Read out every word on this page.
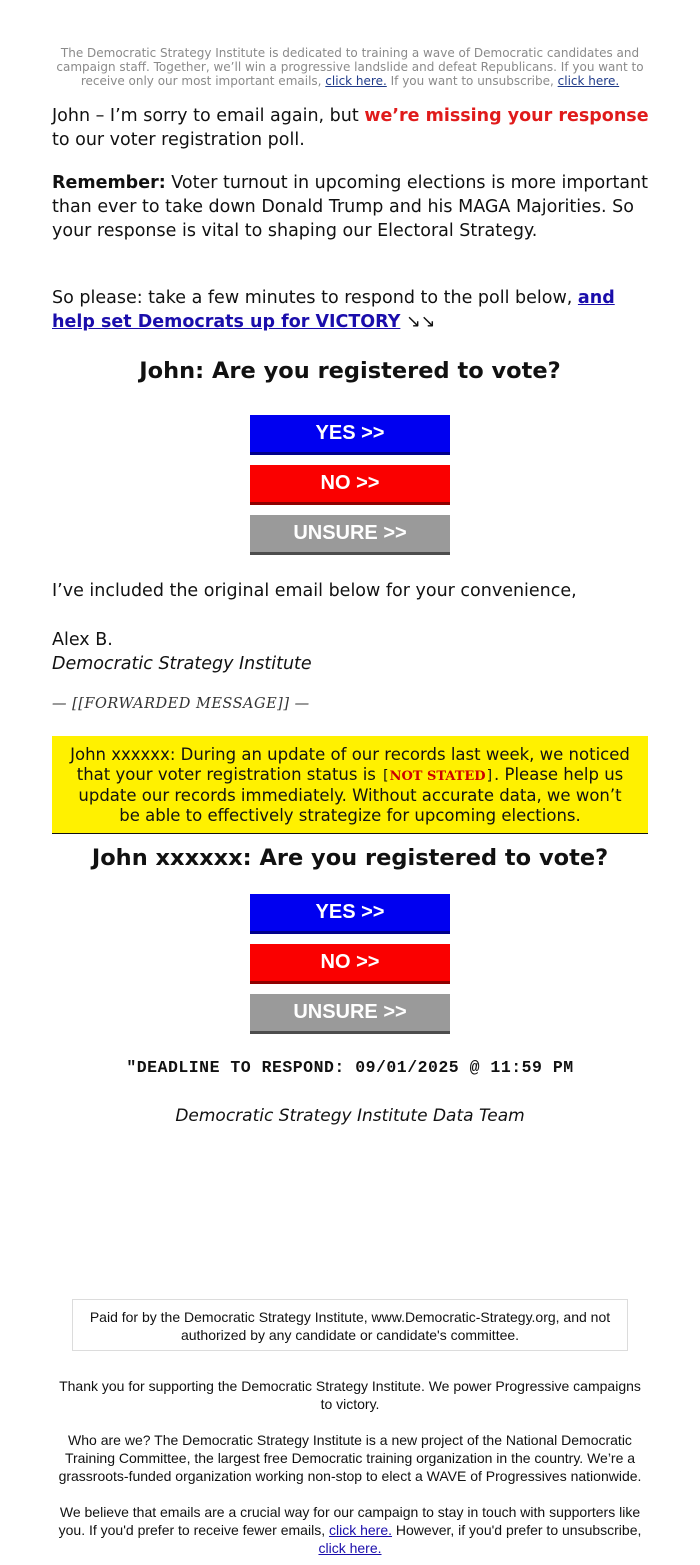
The Democratic Strategy Institute is dedicated to training a wave of Democratic candidates and campaign staff. Together, we’ll win a progressive landslide and defeat Republicans. If you want to receive only our most important emails, click here. If you want to unsubscribe, click here.
John – I’m sorry to email again, but we’re missing your response to our voter registration poll.
Remember: Voter turnout in upcoming elections is more important than ever to take down Donald Trump and his MAGA Majorities. So your response is vital to shaping our Electoral Strategy.
So please: take a few minutes to respond to the poll below, and help set Democrats up for VICTORY ↘↘
John: Are you registered to vote?
YES >>
NO >>
UNSURE >>
I’ve included the original email below for your convenience,
Alex B.
Democratic Strategy Institute
— [[FORWARDED MESSAGE]] —
John xxxxxx: During an update of our records last week, we noticed that your voter registration status is [NOT STATED]. Please help us update our records immediately. Without accurate data, we won’t be able to effectively strategize for upcoming elections.
John xxxxxx: Are you registered to vote?
YES >>
NO >>
UNSURE >>
"DEADLINE TO RESPOND: 09/01/2025 @ 11:59 PM
Democratic Strategy Institute Data Team
Paid for by the Democratic Strategy Institute, www.Democratic-Strategy.org, and not authorized by any candidate or candidate's committee.
Thank you for supporting the Democratic Strategy Institute. We power Progressive campaigns to victory.
Who are we? The Democratic Strategy Institute is a new project of the National Democratic Training Committee, the largest free Democratic training organization in the country. We’re a grassroots-funded organization working non-stop to elect a WAVE of Progressives nationwide.
We believe that emails are a crucial way for our campaign to stay in touch with supporters like you. If you'd prefer to receive fewer emails, click here. However, if you'd prefer to unsubscribe, click here.
